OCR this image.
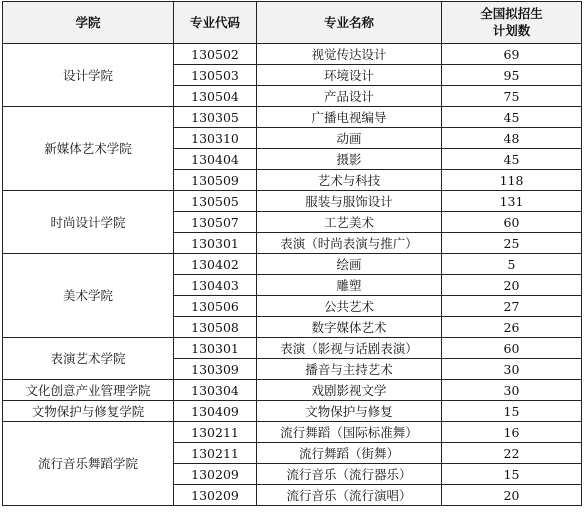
学院	专业代码	专业名称	全国拟招生
计划数
设计学院	130502	视觉传达设计	69
	130503	环境设计	95
	130504	产品设计	75
新媒体艺术学院	130305	广播电视编导	45
	130310	动画	48
	130404	摄影	45
	130509	艺术与科技	118
时尚设计学院	130505	服装与服饰设计	131
	130507	工艺美术	60
	130301	表演（时尚表演与推广）	25
美术学院	130402	绘画	5
	130403	雕塑	20
	130506	公共艺术	27
	130508	数字媒体艺术	26
表演艺术学院	130301	表演（影视与话剧表演）	60
	130309	播音与主持艺术	30
文化创意产业管理学院	130304	戏剧影视文学	30
文物保护与修复学院	130409	文物保护与修复	15
流行音乐舞蹈学院	130211	流行舞蹈（国际标准舞）	16
	130211	流行舞蹈（街舞）	22
	130209	流行音乐（流行器乐）	15
	130209	流行音乐（流行演唱）	20
